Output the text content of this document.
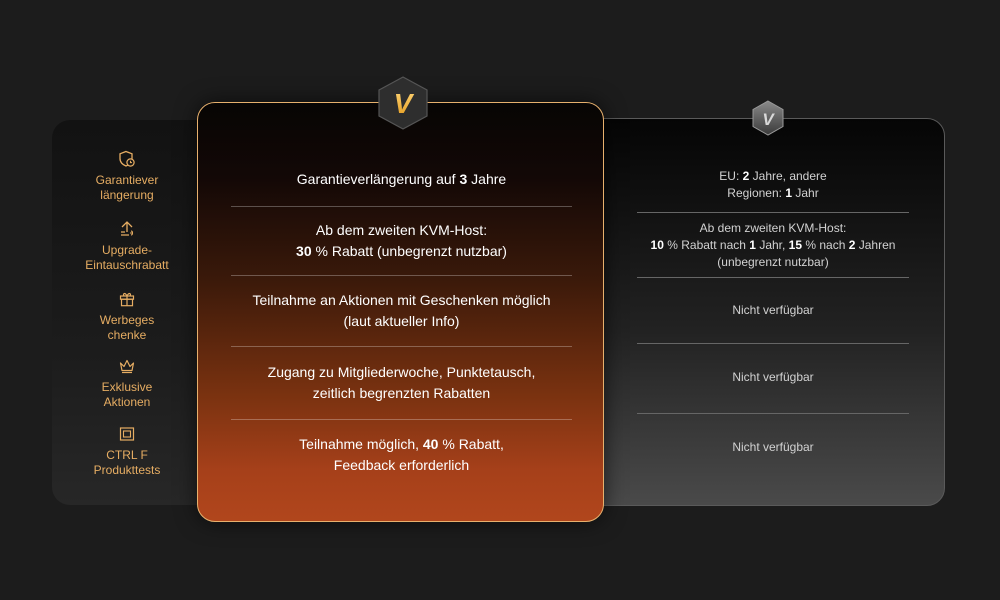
Garantiever
längerung
Upgrade-
Eintauschrabatt
Werbeges
chenke
Exklusive
Aktionen
CTRL F
Produkttests
EU: 2 Jahre, andere
Regionen: 1 Jahr
Ab dem zweiten KVM-Host:
10 % Rabatt nach 1 Jahr, 15 % nach 2 Jahren
(unbegrenzt nutzbar)
Nicht verfügbar
Nicht verfügbar
Nicht verfügbar
V
Garantieverlängerung auf 3 Jahre
Ab dem zweiten KVM-Host:
30 % Rabatt (unbegrenzt nutzbar)
Teilnahme an Aktionen mit Geschenken möglich
(laut aktueller Info)
Zugang zu Mitgliederwoche, Punktetausch,
zeitlich begrenzten Rabatten
Teilnahme möglich, 40 % Rabatt,
Feedback erforderlich
V
